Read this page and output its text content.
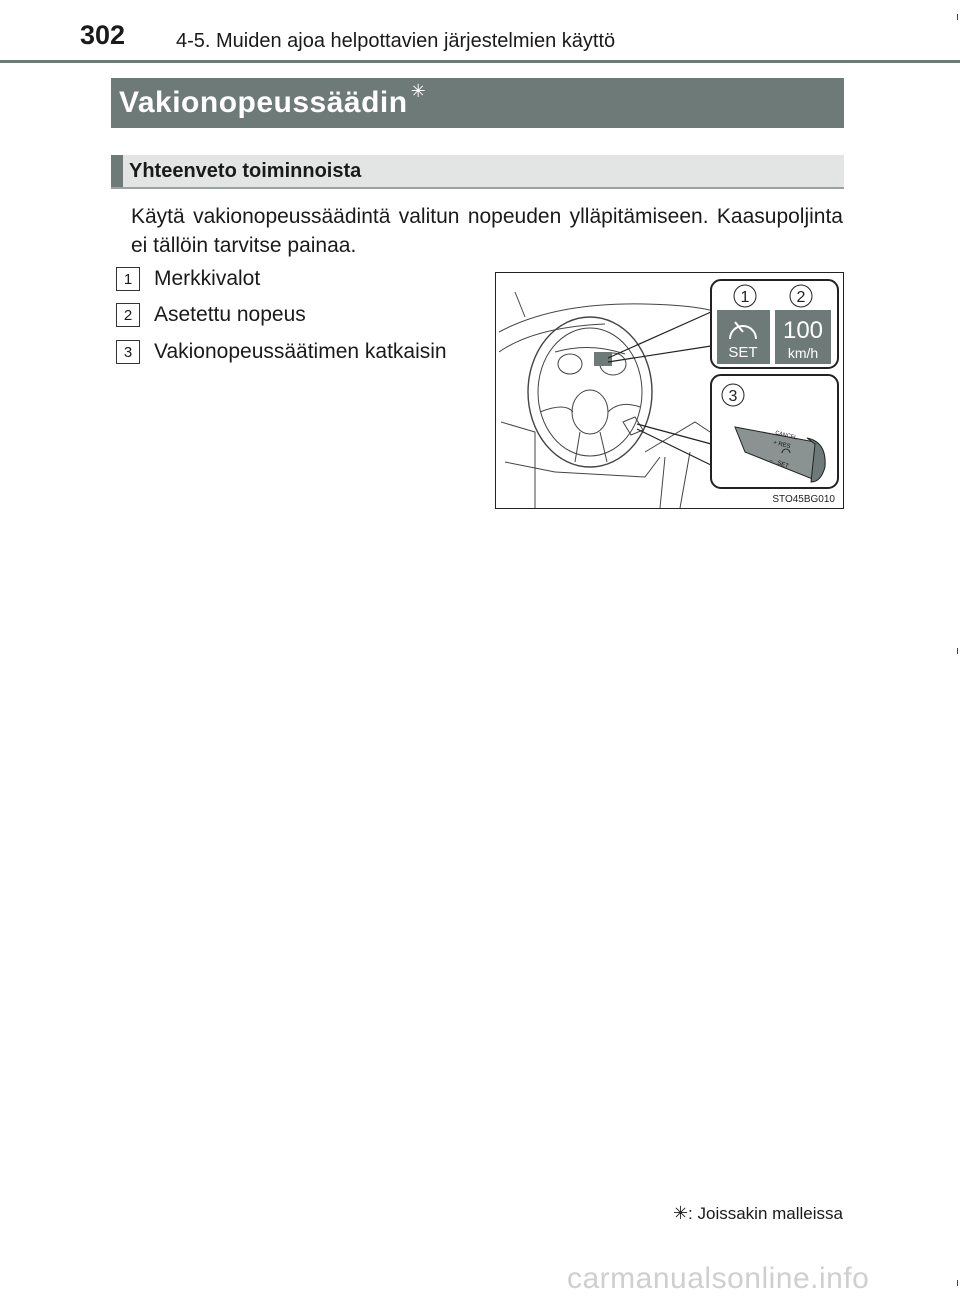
302	4-5. Muiden ajoa helpottavien järjestelmien käyttö
Vakionopeussäädin ✳
Yhteenveto toiminnoista
Käytä vakionopeussäädintä valitun nopeuden ylläpitämiseen. Kaasupoljinta ei tällöin tarvitse painaa.
1	Merkkivalot
2	Asetettu nopeus
3	Vakionopeussäätimen katkaisin
1	2
SET
100
km/h
3
CANCEL
+ RES
SET
−
STO45BG010
✳: Joissakin malleissa
carmanualsonline.info
